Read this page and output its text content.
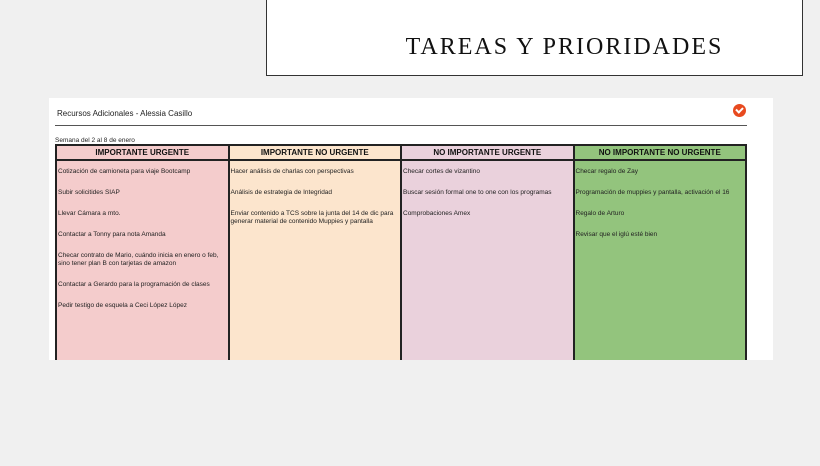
TAREAS Y PRIORIDADES
Recursos Adicionales - Alessia Casillo
Semana del 2 al 8 de enero
IMPORTANTE URGENTE
Cotización de camioneta para viaje Bootcamp
Subir solicitides SIAP
Llevar Cámara a mto.
Contactar a Tonny para nota Amanda
Checar contrato de Mario, cuándo inicia en enero o feb, sino tener plan B con tarjetas de amazon
Contactar a Gerardo para la programación de clases
Pedir testigo de esquela a Ceci López López
IMPORTANTE NO URGENTE
Hacer análisis de charlas con perspectivas
Análisis de estrategia de Integridad
Enviar contenido a TCS sobre la junta del 14 de dic para generar material de contenido Muppies y pantalla
NO IMPORTANTE URGENTE
Checar cortes de vizantino
Buscar sesión formal one to one con los programas
Comprobaciones Amex
NO IMPORTANTE NO URGENTE
Checar regalo de Zay
Programación de muppies y pantalla, activación el 16
Regalo de Arturo
Revisar que el iglú esté bien
